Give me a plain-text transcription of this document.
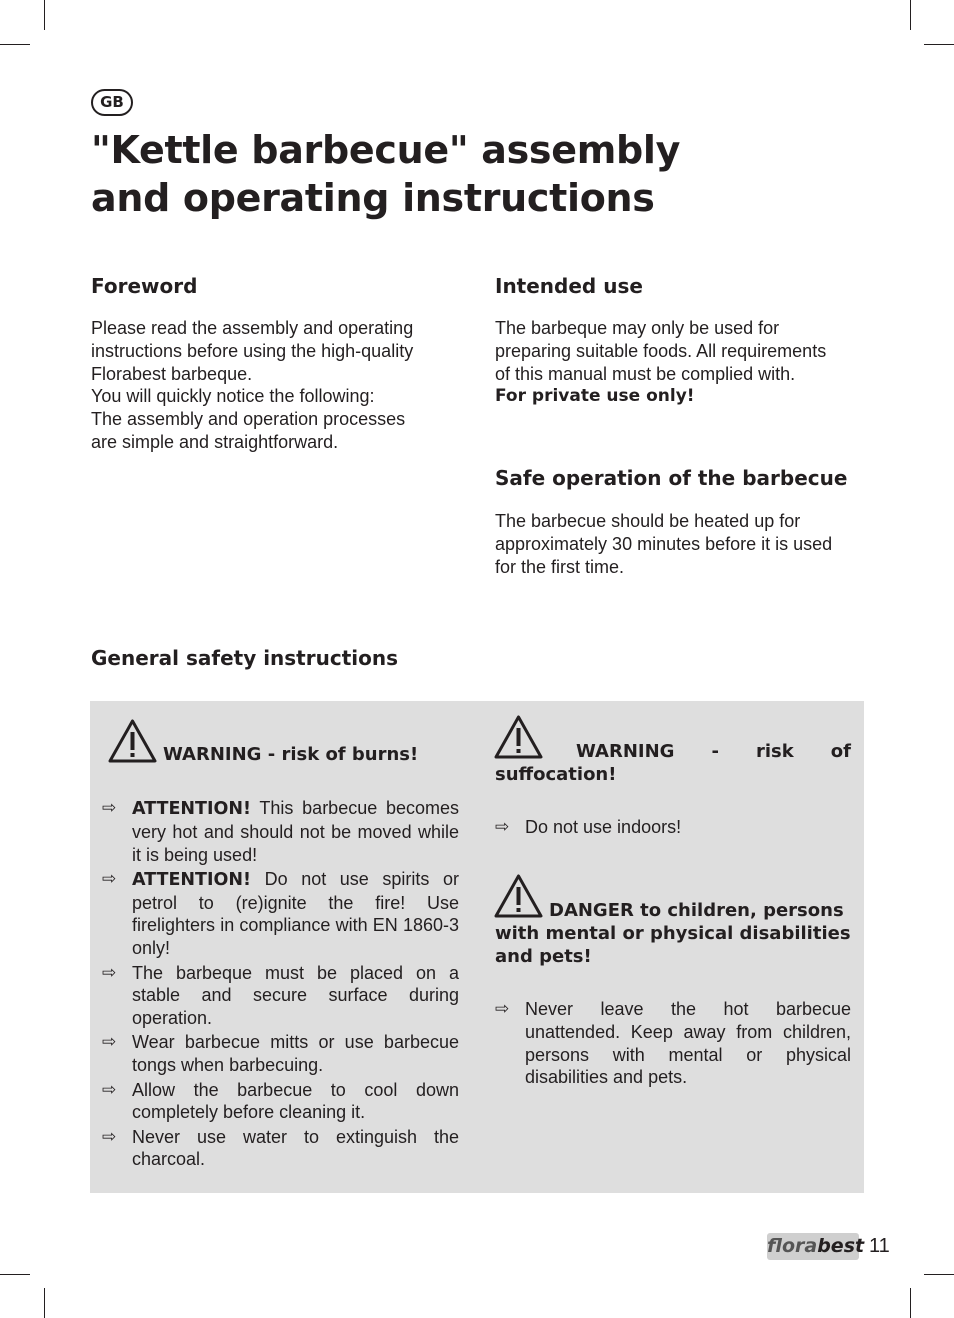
GB
"Kettle barbecue" assembly
and operating instructions
Foreword
Please read the assembly and operating
instructions before using the high-quality
Florabest barbeque.
You will quickly notice the following:
The assembly and operation processes
are simple and straightforward.
Intended use
The barbeque may only be used for
preparing suitable foods. All requirements
of this manual must be complied with.
For private use only!
Safe operation of the barbecue
The barbecue should be heated up for
approximately 30 minutes before it is used
for the first time.
General safety instructions

WARNING - risk of burns!

⇨ ATTENTION! This barbecue becomes very hot and should not be moved while it is being used!
⇨ ATTENTION! Do not use spirits or petrol to (re)ignite the fire! Use firelighters in compliance with EN 1860-3 only!
⇨ The barbeque must be placed on a stable and secure surface during operation.
⇨ Wear barbecue mitts or use barbecue tongs when barbecuing.
⇨ Allow the barbecue to cool down completely before cleaning it.
⇨ Never use water to extinguish the charcoal.

WARNING - risk of
suffocation!

⇨ Do not use indoors!

DANGER to children, persons
with mental or physical disabilities
and pets!

⇨ Never leave the hot barbecue unattended. Keep away from children, persons with mental or physical disabilities and pets.
florabest 11
